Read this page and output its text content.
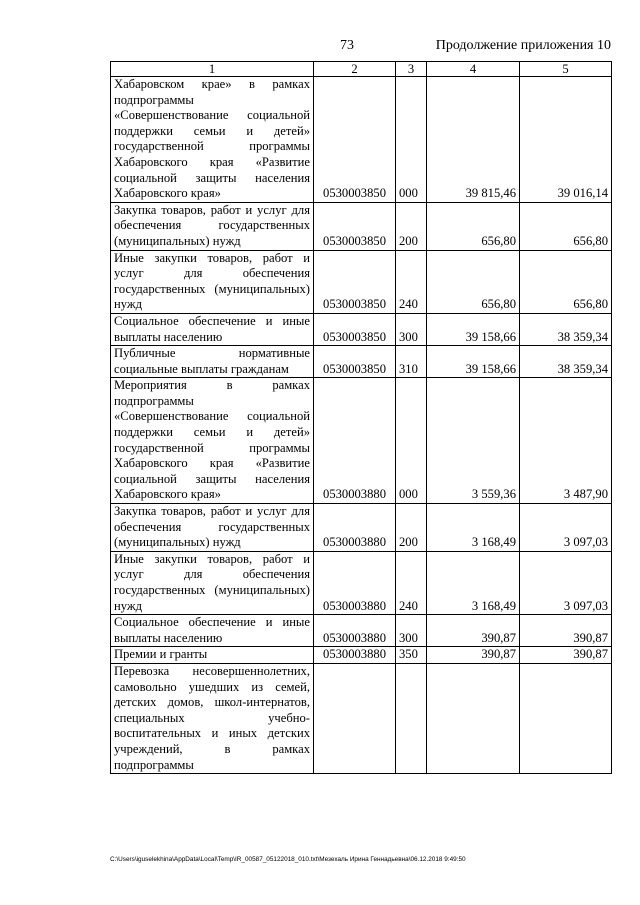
73	Продолжение приложения 10
1	2	3	4	5
Хабаровском крае» в рамках подпрограммы «Совершенствование социальной поддержки семьи и детей» государственной программы Хабаровского края «Развитие социальной защиты населения Хабаровского края»	0530003850	000	39 815,46	39 016,14
Закупка товаров, работ и услуг для обеспечения государственных (муниципальных) нужд	0530003850	200	656,80	656,80
Иные закупки товаров, работ и услуг для обеспечения государственных (муниципальных) нужд	0530003850	240	656,80	656,80
Социальное обеспечение и иные выплаты населению	0530003850	300	39 158,66	38 359,34
Публичные нормативные социальные выплаты гражданам	0530003850	310	39 158,66	38 359,34
Мероприятия в рамках подпрограммы «Совершенствование социальной поддержки семьи и детей» государственной программы Хабаровского края «Развитие социальной защиты населения Хабаровского края»	0530003880	000	3 559,36	3 487,90
Закупка товаров, работ и услуг для обеспечения государственных (муниципальных) нужд	0530003880	200	3 168,49	3 097,03
Иные закупки товаров, работ и услуг для обеспечения государственных (муниципальных) нужд	0530003880	240	3 168,49	3 097,03
Социальное обеспечение и иные выплаты населению	0530003880	300	390,87	390,87
Премии и гранты	0530003880	350	390,87	390,87
Перевозка несовершеннолетних, самовольно ушедших из семей, детских домов, школ-интернатов, специальных учебно-воспитательных и иных детских учреждений, в рамках подпрограммы				
C:\Users\iguselekhina\AppData\Local\Temp\IR_00587_05122018_010.txt\Мезехаль Ирина Геннадьевна\06.12.2018 9:49:50
